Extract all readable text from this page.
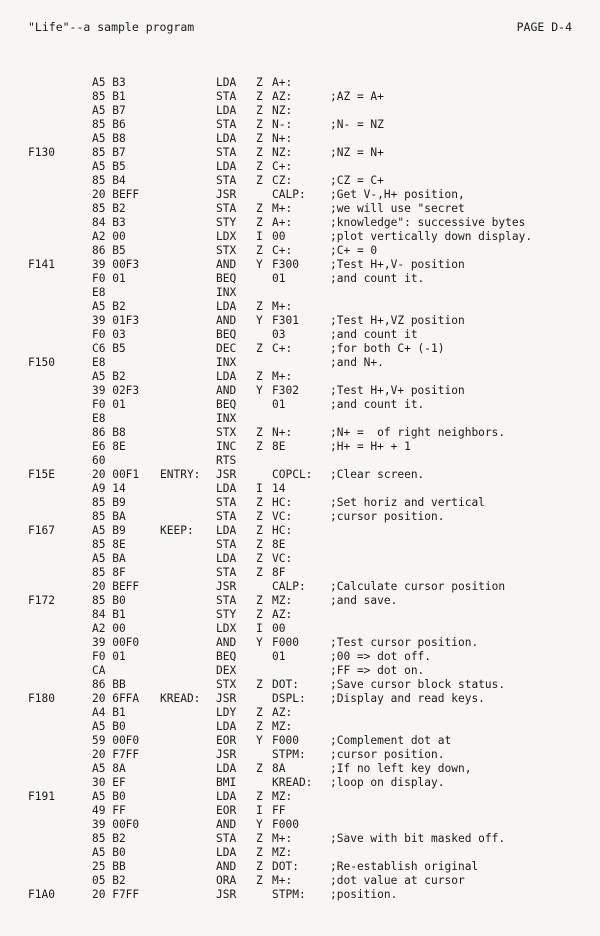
"Life"--a sample program	PAGE D-4
A5 B3	LDA Z A+:
85 B1	STA Z AZ:	;AZ = A+
A5 B7	LDA Z NZ:
85 B6	STA Z N-:	;N- = NZ
A5 B8	LDA Z N+:
F130	85 B7	STA Z NZ:	;NZ = N+
A5 B5	LDA Z C+:
85 B4	STA Z CZ:	;CZ = C+
20 BEFF	JSR	CALP: ;Get V-,H+ position,
85 B2	STA Z M+:	;we will use "secret
84 B3	STY Z A+:	;knowledge": successive bytes
A2 00	LDX I 00	;plot vertically down display.
86 B5	STX Z C+:	;C+ = 0
F141	39 00F3	AND Y F300	;Test H+,V- position
F0 01	BEQ	01	;and count it.
E8	INX
A5 B2	LDA Z M+:
39 01F3	AND Y F301	;Test H+,VZ position
F0 03	BEQ	03	;and count it
C6 B5	DEC Z C+:	;for both C+ (-1)
F150	E8	INX	;and N+.
A5 B2	LDA Z M+:
39 02F3	AND Y F302	;Test H+,V+ position
F0 01	BEQ	01	;and count it.
E8	INX
86 B8	STX Z N+:	;N+ =  of right neighbors.
E6 8E	INC Z 8E	;H+ = H+ + 1
60	RTS
F15E	20 00F1 ENTRY: JSR	COPCL: ;Clear screen.
A9 14	LDA I 14
85 B9	STA Z HC:	;Set horiz and vertical
85 BA	STA Z VC:	;cursor position.
F167	A5 B9	KEEP: LDA Z HC:
85 8E	STA Z 8E
A5 BA	LDA Z VC:
85 8F	STA Z 8F
20 BEFF	JSR	CALP: ;Calculate cursor position
F172	85 B0	STA Z MZ:	;and save.
84 B1	STY Z AZ:
A2 00	LDX I 00
39 00F0	AND Y F000	;Test cursor position.
F0 01	BEQ	01	;00 => dot off.
CA	DEX	;FF => dot on.
86 BB	STX Z DOT:	;Save cursor block status.
F180	20 6FFA KREAD: JSR	DSPL: ;Display and read keys.
A4 B1	LDY Z AZ:
A5 B0	LDA Z MZ:
59 00F0	EOR Y F000	;Complement dot at
20 F7FF	JSR	STPM: ;cursor position.
A5 8A	LDA Z 8A	;If no left key down,
30 EF	BMI	KREAD: ;loop on display.
F191	A5 B0	LDA Z MZ:
49 FF	EOR I FF
39 00F0	AND Y F000
85 B2	STA Z M+:	;Save with bit masked off.
A5 B0	LDA Z MZ:
25 BB	AND Z DOT:	;Re-establish original
05 B2	ORA Z M+:	;dot value at cursor
F1A0	20 F7FF	JSR	STPM: ;position.
